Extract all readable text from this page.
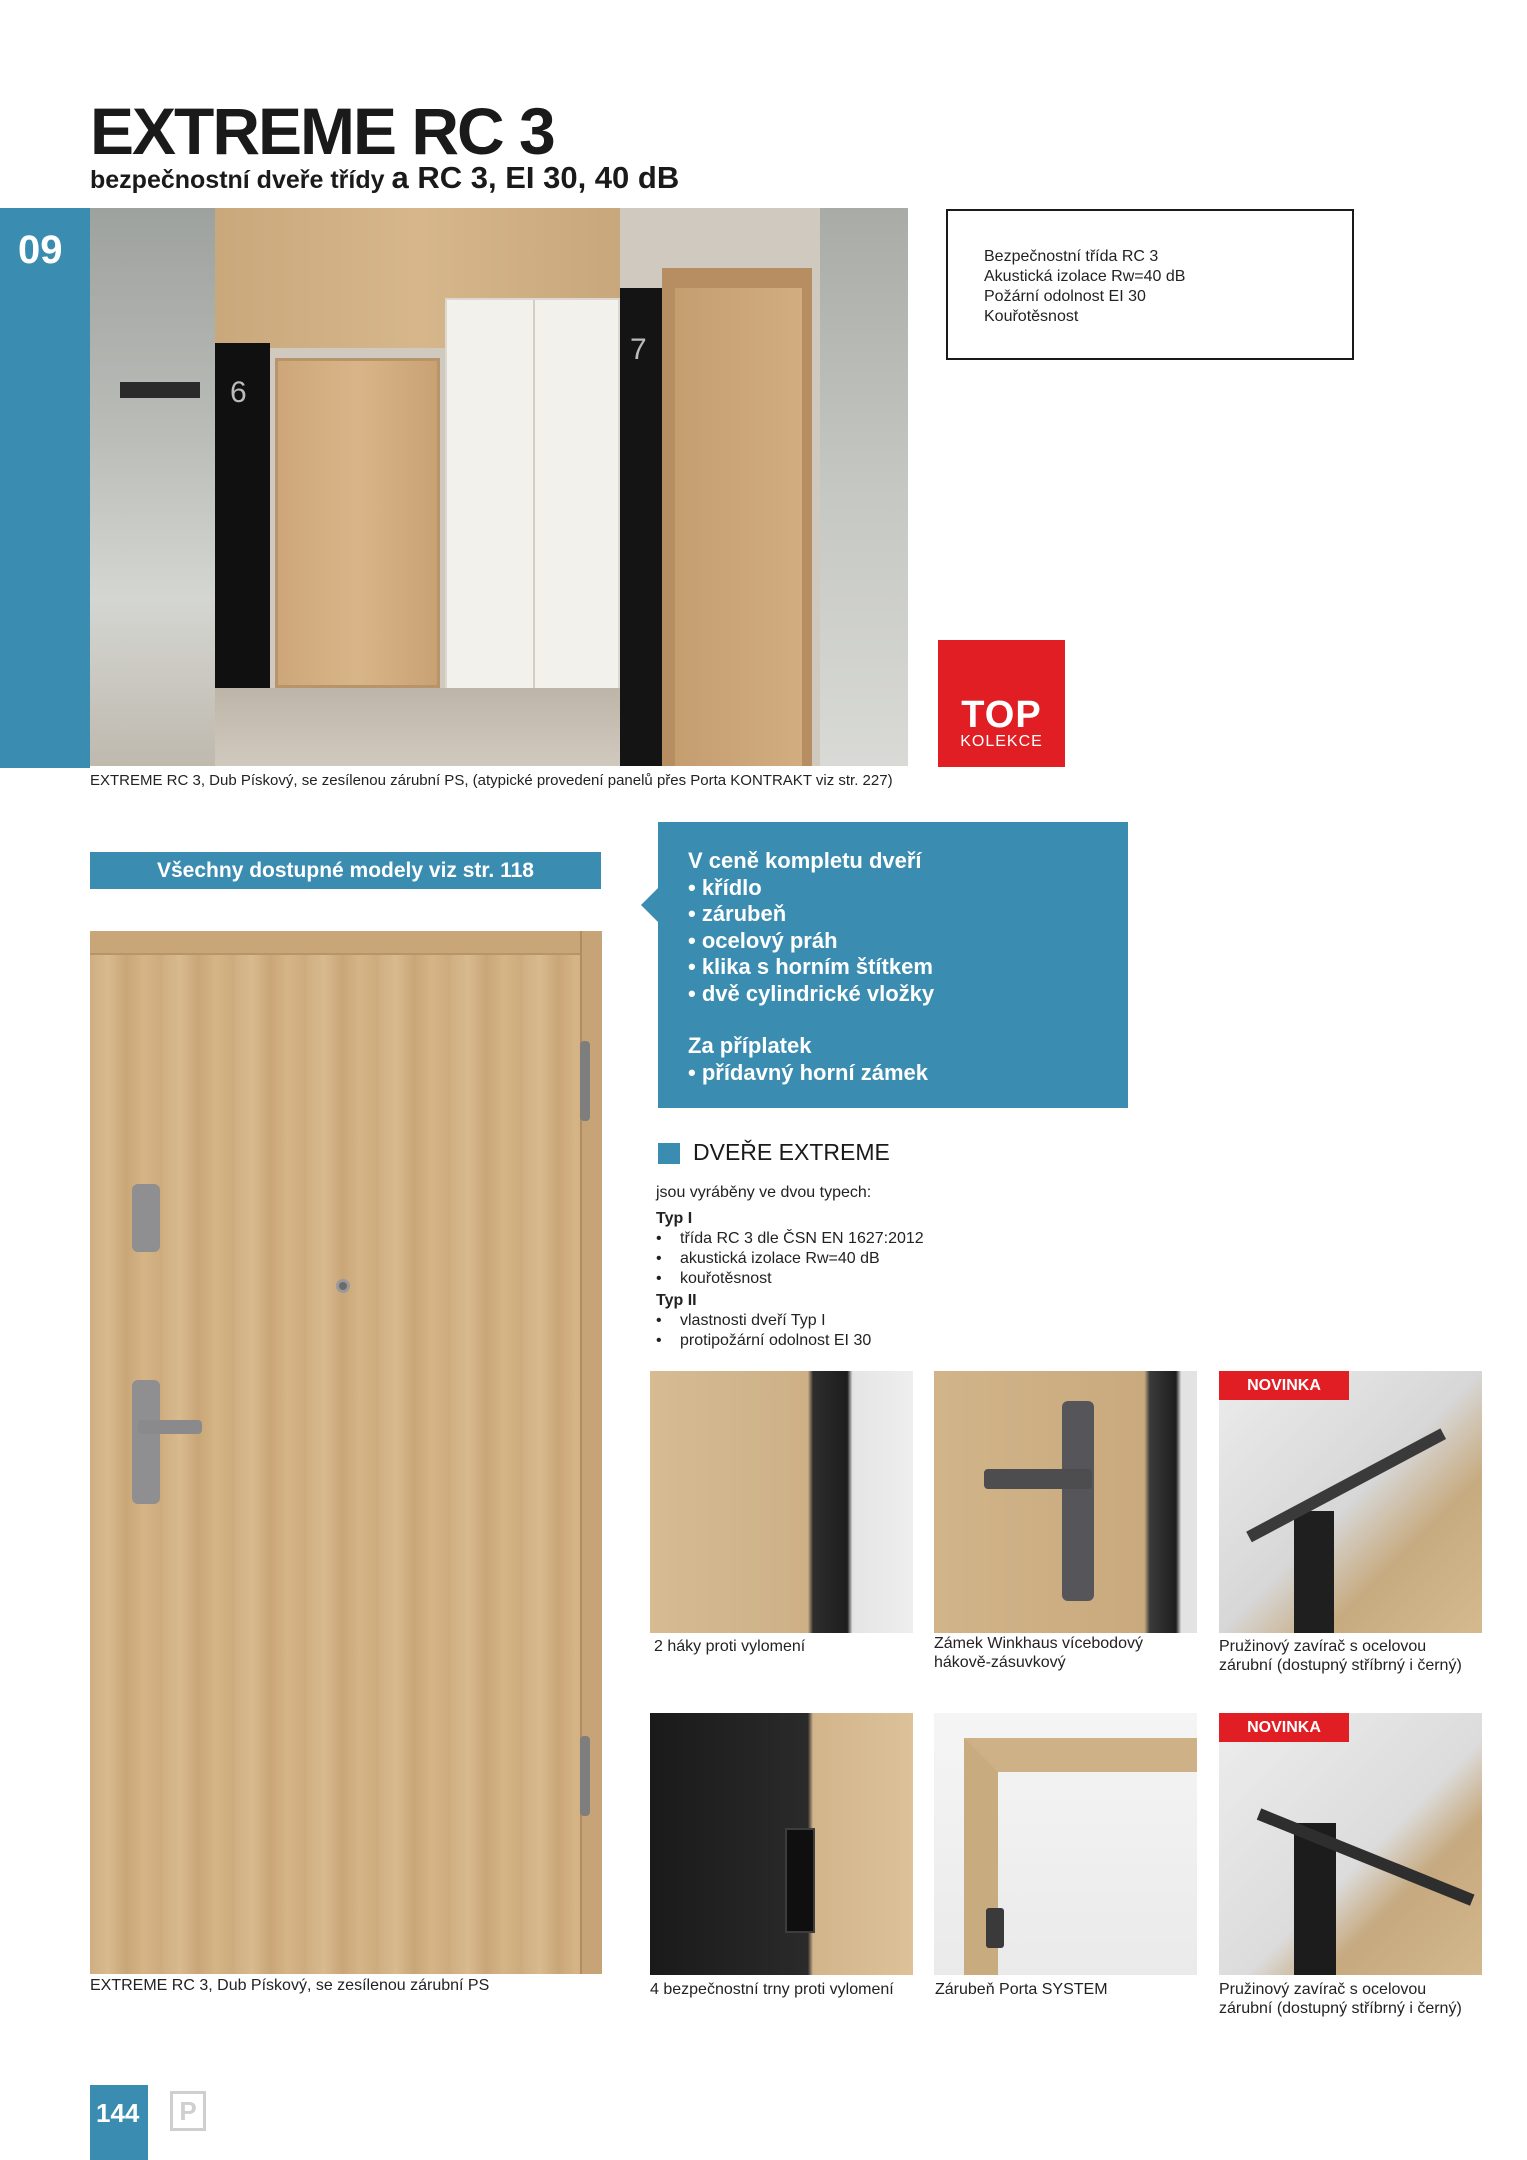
EXTREME RC 3
bezpečnostní dveře třídy a RC 3, EI 30, 40 dB
09
6
7
EXTREME RC 3, Dub Pískový, se zesílenou zárubní PS, (atypické provedení panelů přes Porta KONTRAKT viz str. 227)
Bezpečnostní třída RC 3
Akustická izolace Rw=40 dB
Požární odolnost EI 30
Kouřotěsnost
TOP
KOLEKCE
Všechny dostupné modely viz str. 118
EXTREME RC 3, Dub Pískový, se zesílenou zárubní PS
V ceně kompletu dveří
• křídlo
• zárubeň
• ocelový práh
• klika s horním štítkem
• dvě cylindrické vložky
Za příplatek
• přídavný horní zámek
DVEŘE EXTREME
jsou vyráběny ve dvou typech:
Typ I
• třída RC 3 dle ČSN EN 1627:2012
• akustická izolace Rw=40 dB
• kouřotěsnost
Typ II
• vlastnosti dveří Typ I
• protipožární odolnost EI 30
2 háky proti vylomení	Zámek Winkhaus vícebodový hákově-zásuvkový
NOVINKA
Pružinový zavírač s ocelovou zárubní (dostupný stříbrný i černý)
4 bezpečnostní trny proti vylomení	Zárubeň Porta SYSTEM
NOVINKA
Pružinový zavírač s ocelovou zárubní (dostupný stříbrný i černý)
144	P
